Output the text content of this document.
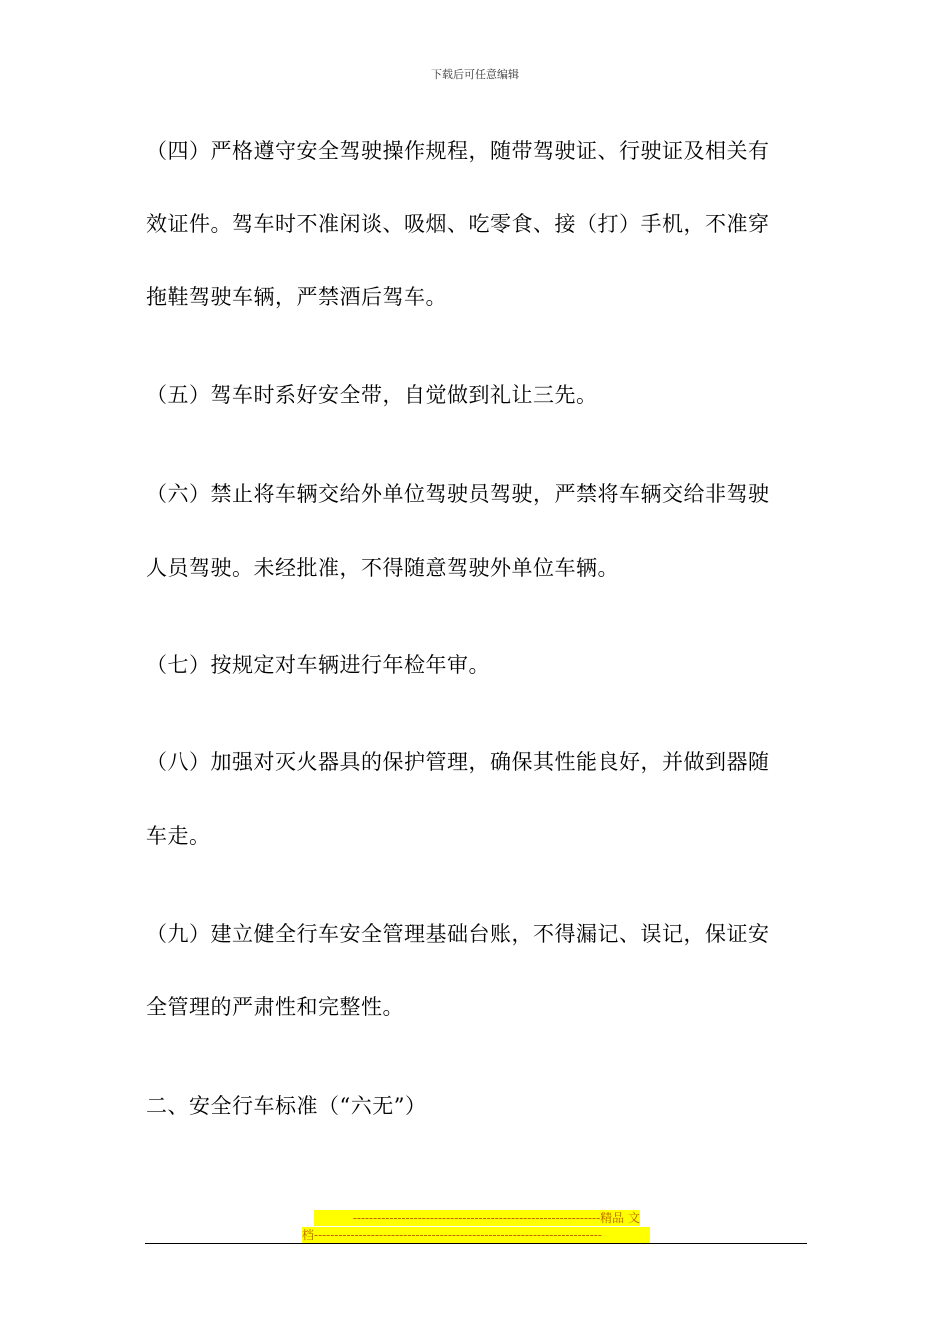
下载后可任意编辑
（四）严格遵守安全驾驶操作规程，随带驾驶证、行驶证及相关有
效证件。驾车时不准闲谈、吸烟、吃零食、接（打）手机，不准穿
拖鞋驾驶车辆，严禁酒后驾车。
（五）驾车时系好安全带，自觉做到礼让三先。
（六）禁止将车辆交给外单位驾驶员驾驶，严禁将车辆交给非驾驶
人员驾驶。未经批准，不得随意驾驶外单位车辆。
（七）按规定对车辆进行年检年审。
（八）加强对灭火器具的保护管理，确保其性能良好，并做到器随
车走。
（九）建立健全行车安全管理基础台账，不得漏记、误记，保证安
全管理的严肃性和完整性。
二、安全行车标准（“六无”）
-------------------------------------------------------------精品 文
档-----------------------------------------------------------------------
